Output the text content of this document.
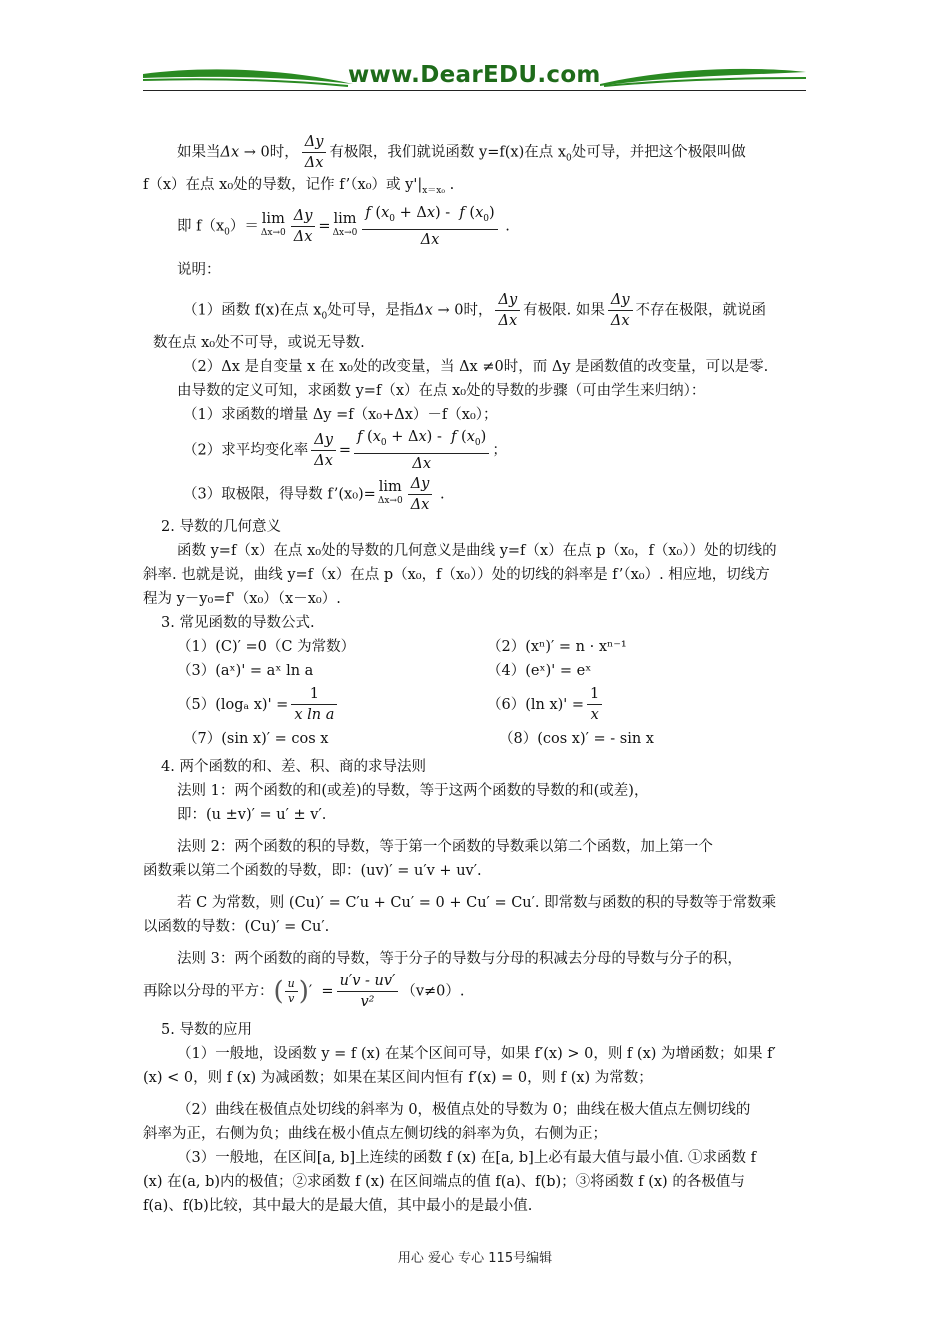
www.DearEDU.com

如果当Δx → 0时， $\frac{\Delta y}{\Delta x}$ 有极限，我们就说函数 y=f(x)在点 $x_0$处可导，并把这个极限叫做

f（x）在点 x₀处的导数，记作 f’（x₀）或 $y'|_{x=x_0}$ .

即 $f(x_0)= \lim$
$\Delta x\to 0 \frac{\Delta y}{\Delta x} = \lim$
$\Delta x\to 0 \frac{f (x_0 + \Delta x) - f (x_0)}{\Delta x}$ .

说明：

（1）函数 f(x)在点 $x_0$处可导，是指Δx → 0时， $\frac{\Delta y}{\Delta x}$ 有极限. 如果 $\frac{\Delta y}{\Delta x}$ 不存在极限，就说函

数在点 x₀处不可导，或说无导数.

（2）Δx 是自变量 x 在 x₀处的改变量，当 Δx ≠0时，而 Δy 是函数值的改变量，可以是零.

由导数的定义可知，求函数 y=f（x）在点 x₀处的导数的步骤（可由学生来归纳）：

（1）求函数的增量 Δy =f（x₀+Δx）－f（x₀）；

（2）求平均变化率 $\frac{\Delta y}{\Delta x} = \frac{f (x_0 + \Delta x) - f (x_0)}{\Delta x}$ ；

（3）取极限，得导数 f’(x₀)= lim
$\Delta x\to 0 \frac{\Delta y}{\Delta x}$ .

2. 导数的几何意义

函数 y=f（x）在点 x₀处的导数的几何意义是曲线 y=f（x）在点 p（x₀，f（x₀））处的切线的

斜率. 也就是说，曲线 y=f（x）在点 p（x₀，f（x₀））处的切线的斜率是 f’（x₀）. 相应地，切线方

程为 y－y₀=f'（x₀）（x－x₀）.

3. 常见函数的导数公式.

（1）(C)′ =0（C 为常数）	（2）(xⁿ)′ = n · xⁿ⁻¹
（3）(aˣ)' = aˣ ln a	（4）(eˣ)' = eˣ
（5）(logₐ $x)' = \frac{1}{\text{x ln a}}$	（6）(ln $x)' = \frac{1}{x}$
（7）(sin x)′ = cos x	（8）(cos x)′ = - sin x

4. 两个函数的和、差、积、商的求导法则

法则 1：两个函数的和(或差)的导数，等于这两个函数的导数的和(或差)，

即：(u ±v)′ = u′ ± v′.

法则 2：两个函数的积的导数，等于第一个函数的导数乘以第二个函数，加上第一个

函数乘以第二个函数的导数，即：(uv)′ = u′v + uv′.

若 C 为常数，则 (Cu)′ = C′u + Cu′ = 0 + Cu′ = Cu′. 即常数与函数的积的导数等于常数乘

以函数的导数：(Cu)′ = Cu′.

法则 3：两个函数的商的导数，等于分子的导数与分母的积减去分母的导数与分子的积，

再除以分母的平方：( $\frac{u}{v}$ )′  = $\frac{u'v - uv'}{\text{v²}} (v\ne 0)$.

5. 导数的应用

（1）一般地，设函数 y = f (x) 在某个区间可导，如果 f′(x) > 0，则 f (x) 为增函数；如果 f′

(x) < 0，则 f (x) 为减函数；如果在某区间内恒有 f′(x) = 0，则 f (x) 为常数；

（2）曲线在极值点处切线的斜率为 0，极值点处的导数为 0；曲线在极大值点左侧切线的

斜率为正，右侧为负；曲线在极小值点左侧切线的斜率为负，右侧为正；

（3）一般地，在区间[a, b]上连续的函数 f (x) 在[a, b]上必有最大值与最小值. ①求函数 f

(x) 在(a, b)内的极值；②求函数 f (x) 在区间端点的值 f(a)、f(b)；③将函数 f (x) 的各极值与

f(a)、f(b)比较，其中最大的是最大值，其中最小的是最小值.

用心 爱心 专心 115号编辑
